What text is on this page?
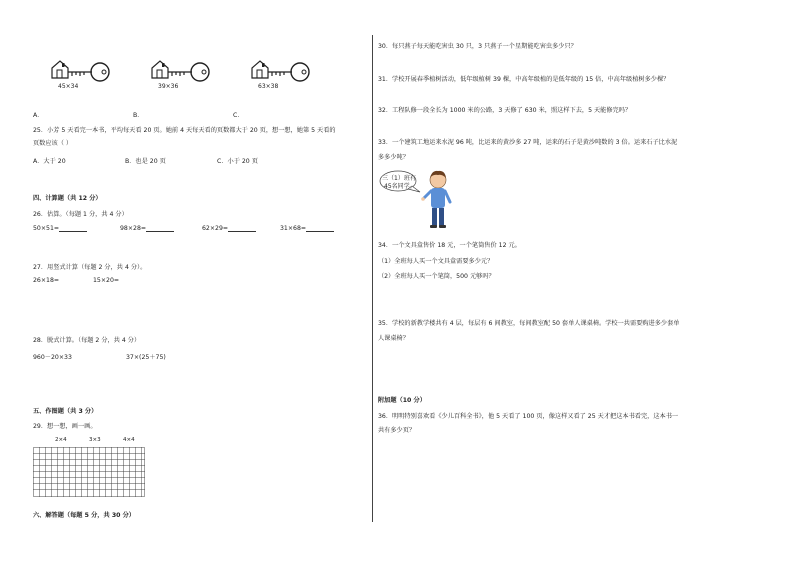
45×34	39×36	63×38
A．	B．	C．
25．小芳 5 天看完一本书，平均每天看 20 页。她前 4 天每天看的页数都大于 20 页，想一想，她第 5 天看的
页数应该（ ）
A．大于 20	B．也是 20 页	C．小于 20 页
四、计算题（共 12 分）
26．估算。（每题 1 分，共 4 分）
50×51=	98×28=	62×29=	31×68=
27．用竖式计算（每题 2 分，共 4 分）。
26×18=	15×20=
28．脱式计算。（每题 2 分，共 4 分）
960－20×33	37×(25＋75)
五、作图题（共 3 分）
29．想一想，画一画。
2×4	3×3	4×4
六、解答题（每题 5 分，共 30 分）
30．每只燕子每天能吃害虫 30 只，3 只燕子一个星期能吃害虫多少只？
31．学校开展春季植树活动，低年级植树 39 棵，中高年级植的是低年级的 15 倍，中高年级植树多少棵？
32．工程队修一段全长为 1000 米的公路，3 天修了 630 米，照这样下去，5 天能修完吗？
33．一个建筑工地运来水泥 96 吨，比运来的黄沙多 27 吨，运来的石子是黄沙吨数的 3 倍。运来石子比水泥
多多少吨？
三（1）班有
45名同学。
34．一个文具盒售价 18 元，一个笔筒售价 12 元。
（1）全班每人买一个文具盒需要多少元？
（2）全班每人买一个笔筒，500 元够吗？
35．学校的新教学楼共有 4 层，每层有 6 间教室，每间教室配 50 套单人课桌椅。学校一共需要购进多少套单
人课桌椅？
附加题（10 分）
36．明明特别喜欢看《少儿百科全书》，他 5 天看了 100 页，像这样又看了 25 天才把这本书看完，这本书一
共有多少页？
